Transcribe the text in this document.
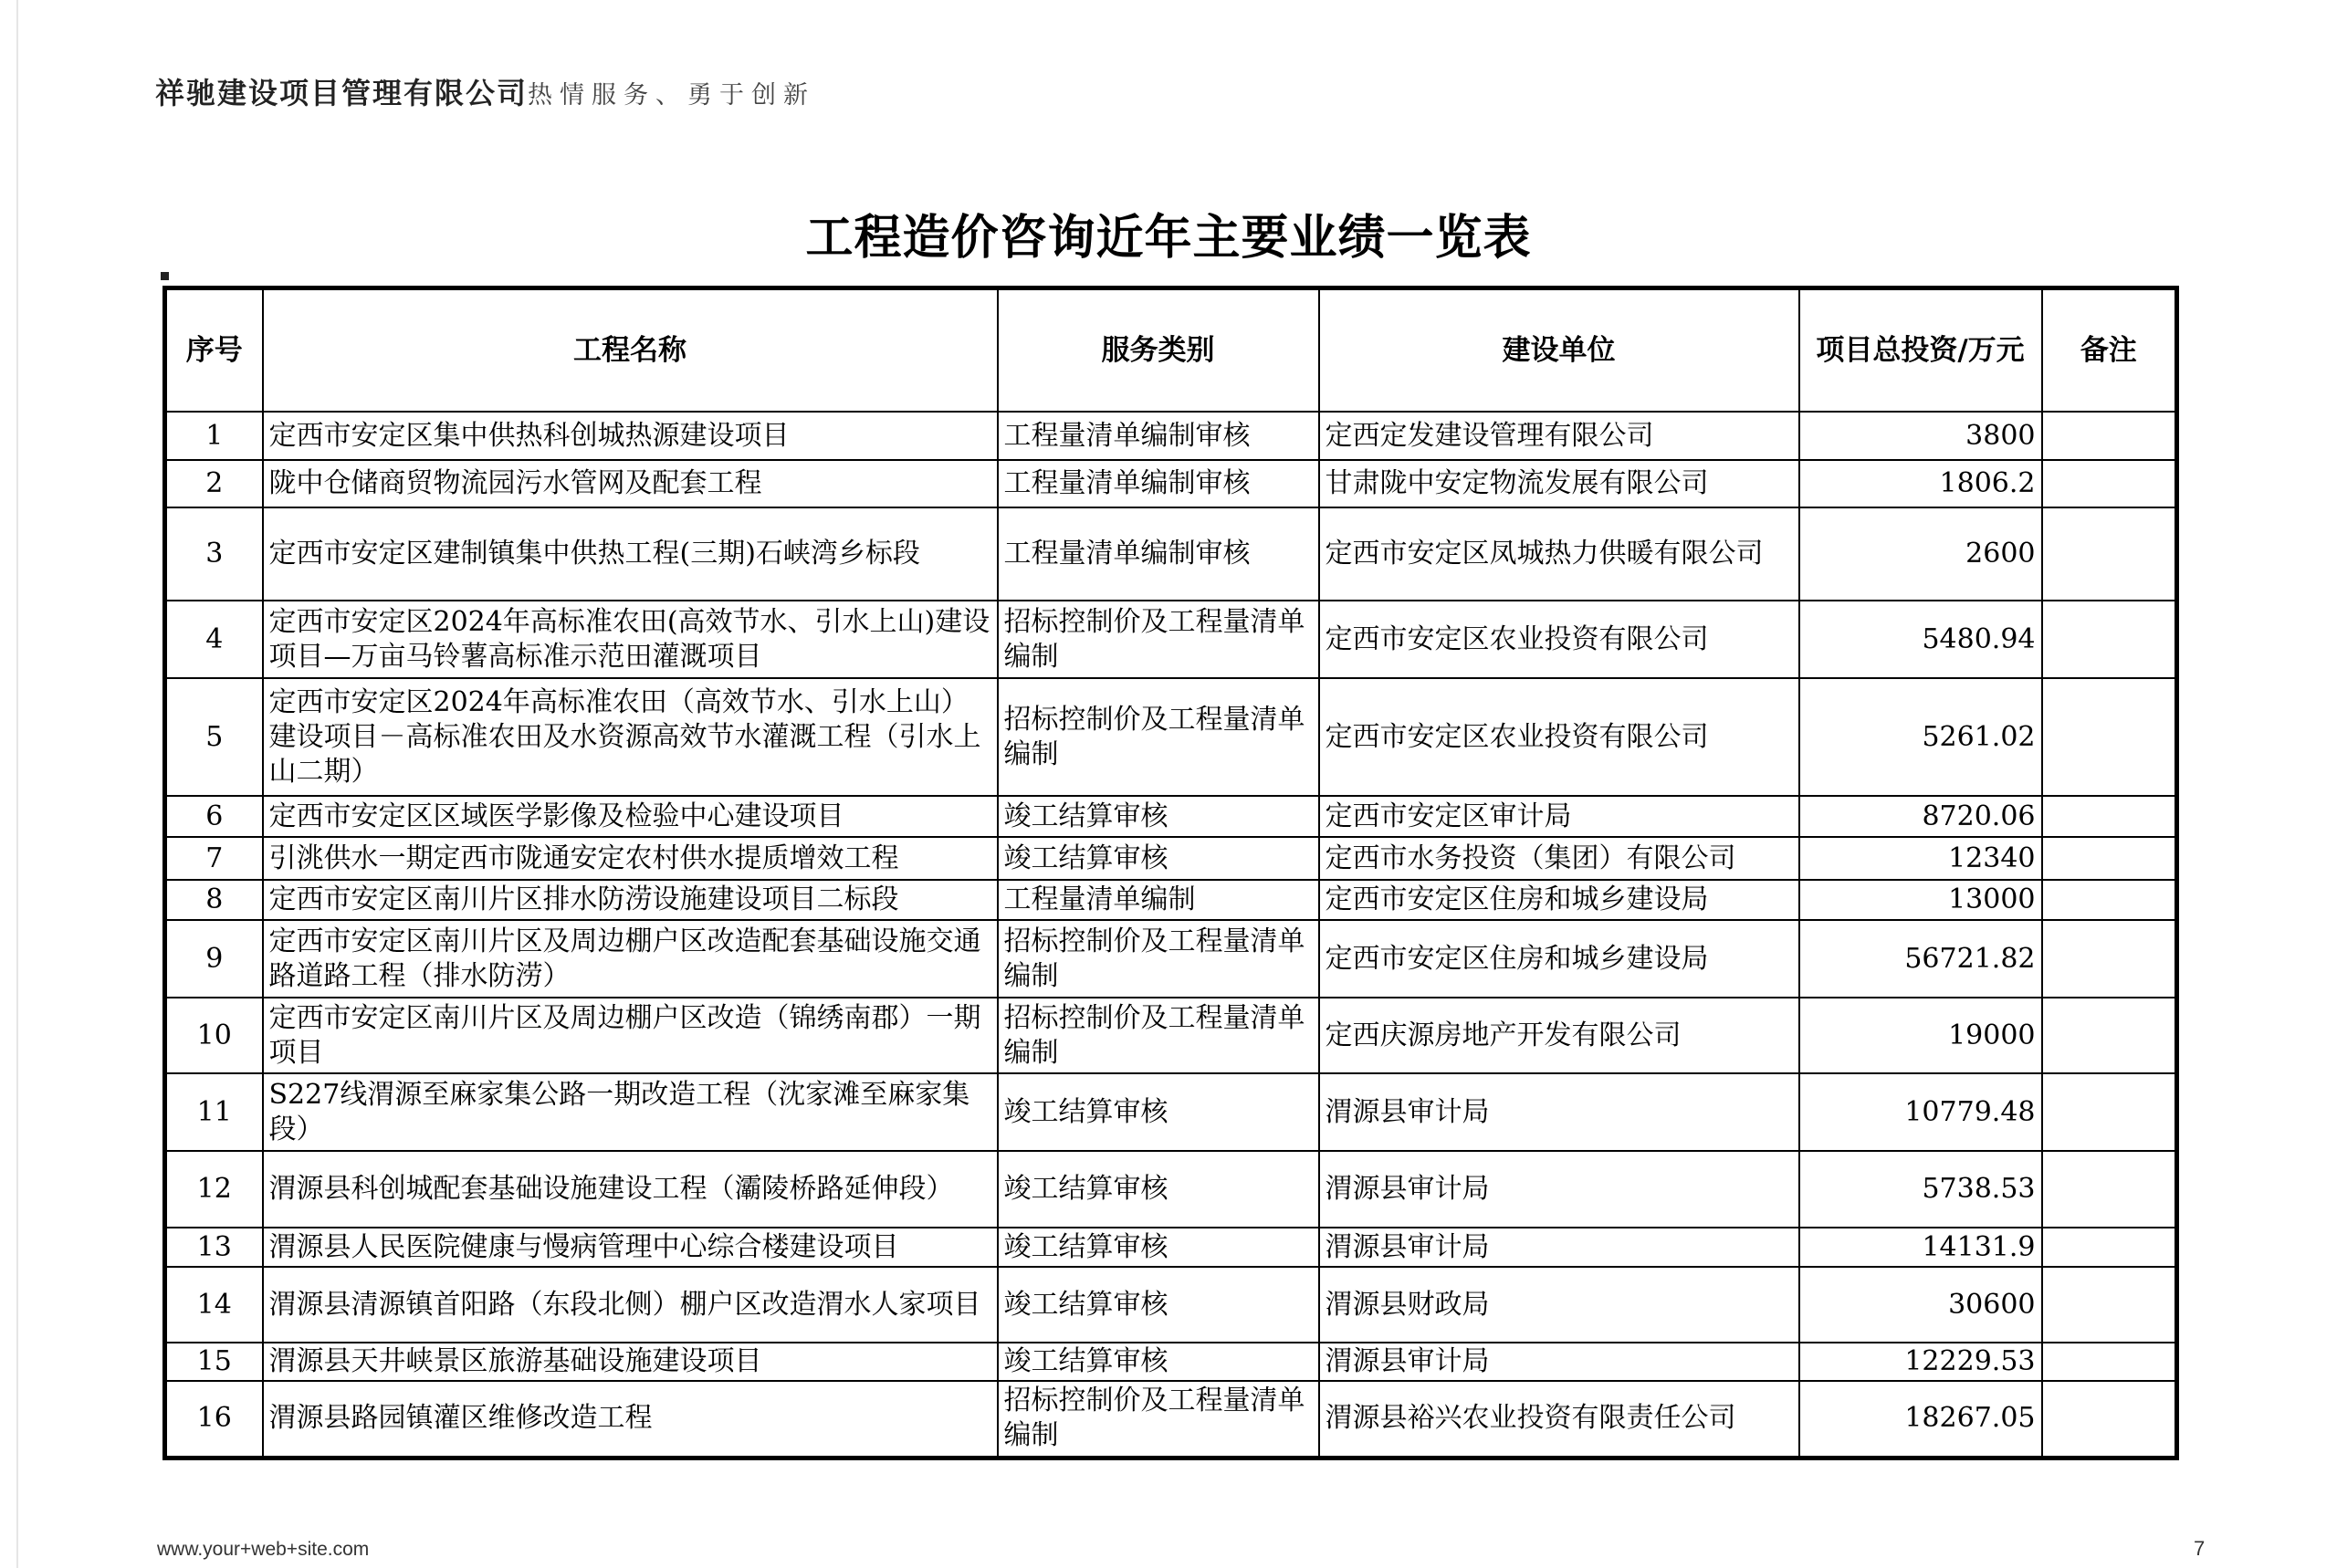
祥驰建设项目管理有限公司热情服务、勇于创新
工程造价咨询近年主要业绩一览表
序号	工程名称	服务类别	建设单位	项目总投资/万元	备注
1	定西市安定区集中供热科创城热源建设项目	工程量清单编制审核	定西定发建设管理有限公司	3800	
2	陇中仓储商贸物流园污水管网及配套工程	工程量清单编制审核	甘肃陇中安定物流发展有限公司	1806.2	
3	定西市安定区建制镇集中供热工程(三期)石峡湾乡标段	工程量清单编制审核	定西市安定区凤城热力供暖有限公司	2600	
4	定西市安定区2024年高标准农田(高效节水、引水上山)建设项目—万亩马铃薯高标准示范田灌溉项目	招标控制价及工程量清单编制	定西市安定区农业投资有限公司	5480.94	
5	定西市安定区2024年高标准农田（高效节水、引水上山）建设项目－高标准农田及水资源高效节水灌溉工程（引水上山二期）	招标控制价及工程量清单编制	定西市安定区农业投资有限公司	5261.02	
6	定西市安定区区域医学影像及检验中心建设项目	竣工结算审核	定西市安定区审计局	8720.06	
7	引洮供水一期定西市陇通安定农村供水提质增效工程	竣工结算审核	定西市水务投资（集团）有限公司	12340	
8	定西市安定区南川片区排水防涝设施建设项目二标段	工程量清单编制	定西市安定区住房和城乡建设局	13000	
9	定西市安定区南川片区及周边棚户区改造配套基础设施交通路道路工程（排水防涝）	招标控制价及工程量清单编制	定西市安定区住房和城乡建设局	56721.82	
10	定西市安定区南川片区及周边棚户区改造（锦绣南郡）一期项目	招标控制价及工程量清单编制	定西庆源房地产开发有限公司	19000	
11	S227线渭源至麻家集公路一期改造工程（沈家滩至麻家集段）	竣工结算审核	渭源县审计局	10779.48	
12	渭源县科创城配套基础设施建设工程（灞陵桥路延伸段）	竣工结算审核	渭源县审计局	5738.53	
13	渭源县人民医院健康与慢病管理中心综合楼建设项目	竣工结算审核	渭源县审计局	14131.9	
14	渭源县清源镇首阳路（东段北侧）棚户区改造渭水人家项目	竣工结算审核	渭源县财政局	30600	
15	渭源县天井峡景区旅游基础设施建设项目	竣工结算审核	渭源县审计局	12229.53	
16	渭源县路园镇灌区维修改造工程	招标控制价及工程量清单编制	渭源县裕兴农业投资有限责任公司	18267.05	
www.your+web+site.com	7
